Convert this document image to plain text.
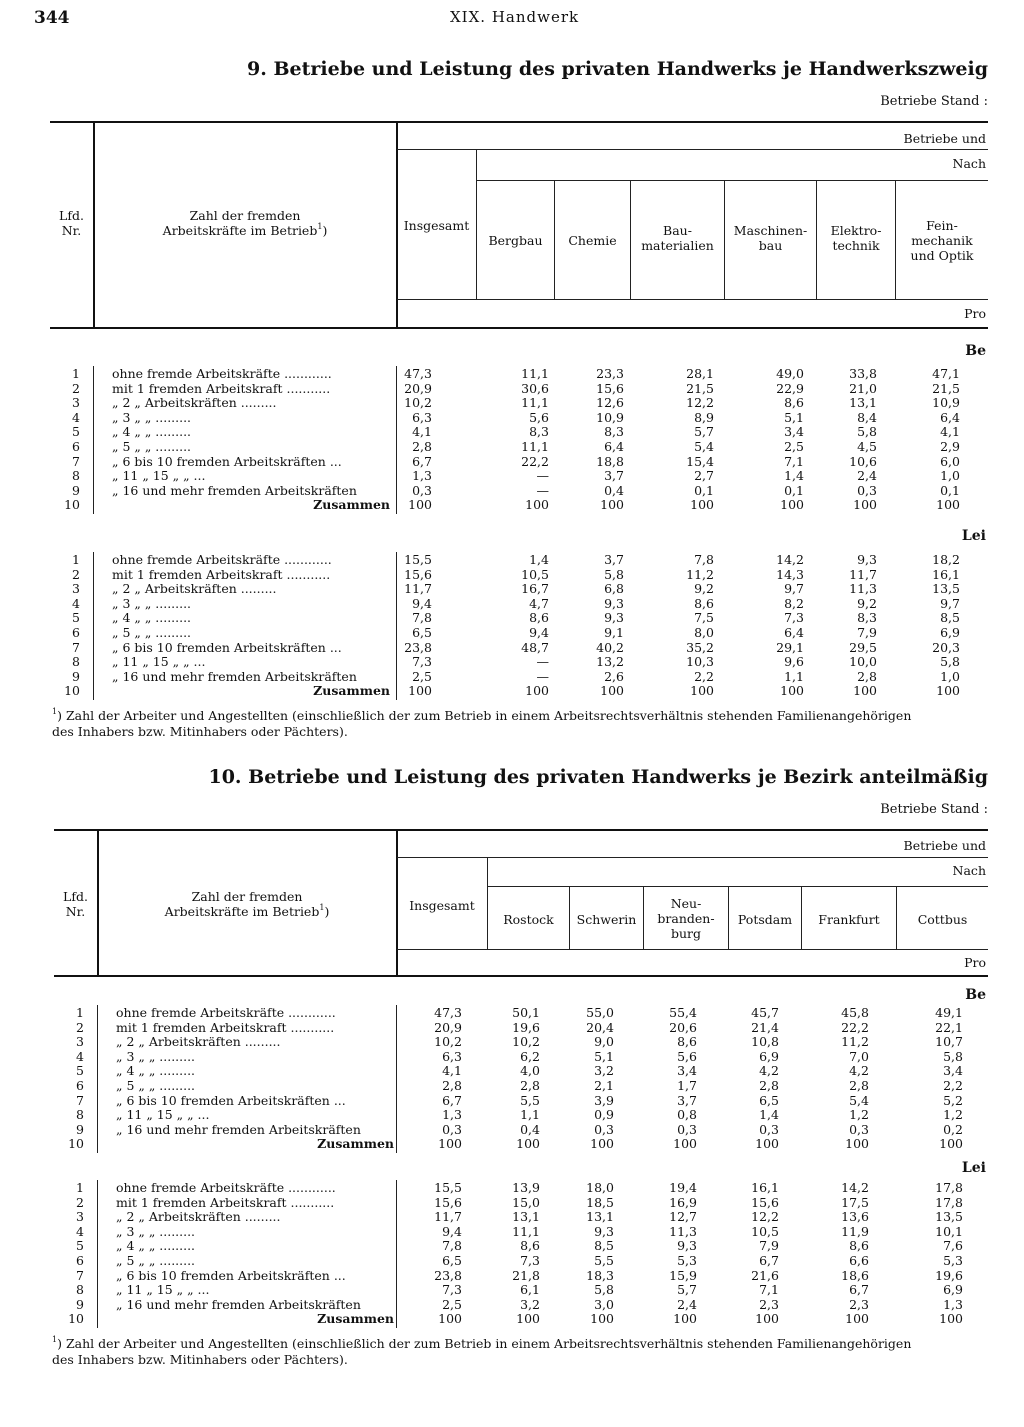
344	XIX. Handwerk
9. Betriebe und Leistung des privaten Handwerks je Handwerkszweig
Betriebe Stand :
Betriebe und
Nach
Pro
Lfd.
Nr.
Zahl der fremden
Arbeitskräfte im Betrieb$^1$)	Insgesamt
Bergbau	Chemie
Bau-
materialien
Maschinen-
bau
Elektro-
technik
Fein-
mechanik
und Optik
Be
1	ohne fremde Arbeitskräfte ............	47,3	11,1	23,3	28,1	49,0	33,8	47,1
2	mit 1 fremden Arbeitskraft ...........	20,9	30,6	15,6	21,5	22,9	21,0	21,5
3	„ 2 „ Arbeitskräften .........	10,2	11,1	12,6	12,2	8,6	13,1	10,9
4	„ 3 „ „ .........	6,3	5,6	10,9	8,9	5,1	8,4	6,4
5	„ 4 „ „ .........	4,1	8,3	8,3	5,7	3,4	5,8	4,1
6	„ 5 „ „ .........	2,8	11,1	6,4	5,4	2,5	4,5	2,9
7	„ 6 bis 10 fremden Arbeitskräften ...	6,7	22,2	18,8	15,4	7,1	10,6	6,0
8	„ 11 „ 15 „ „ ...	1,3	—	3,7	2,7	1,4	2,4	1,0
9	„ 16 und mehr fremden Arbeitskräften	0,3	—	0,4	0,1	0,1	0,3	0,1
10	Zusammen	100	100	100	100	100	100	100
Lei
1	ohne fremde Arbeitskräfte ............	15,5	1,4	3,7	7,8	14,2	9,3	18,2
2	mit 1 fremden Arbeitskraft ...........	15,6	10,5	5,8	11,2	14,3	11,7	16,1
3	„ 2 „ Arbeitskräften .........	11,7	16,7	6,8	9,2	9,7	11,3	13,5
4	„ 3 „ „ .........	9,4	4,7	9,3	8,6	8,2	9,2	9,7
5	„ 4 „ „ .........	7,8	8,6	9,3	7,5	7,3	8,3	8,5
6	„ 5 „ „ .........	6,5	9,4	9,1	8,0	6,4	7,9	6,9
7	„ 6 bis 10 fremden Arbeitskräften ...	23,8	48,7	40,2	35,2	29,1	29,5	20,3
8	„ 11 „ 15 „ „ ...	7,3	—	13,2	10,3	9,6	10,0	5,8
9	„ 16 und mehr fremden Arbeitskräften	2,5	—	2,6	2,2	1,1	2,8	1,0
10	Zusammen	100	100	100	100	100	100	100
$^1$) Zahl der Arbeiter und Angestellten (einschließlich der zum Betrieb in einem Arbeitsrechtsverhältnis stehenden Familienangehörigen
des Inhabers bzw. Mitinhabers oder Pächters).
10. Betriebe und Leistung des privaten Handwerks je Bezirk anteilmäßig
Betriebe Stand :
Betriebe und
Nach
Pro
Lfd.
Nr.
Zahl der fremden
Arbeitskräfte im Betrieb$^1$)	Insgesamt
Rostock	Schwerin
Neu-
branden-
burg
Potsdam	Frankfurt	Cottbus
Be
1	ohne fremde Arbeitskräfte ............	47,3	50,1	55,0	55,4	45,7	45,8	49,1
2	mit 1 fremden Arbeitskraft ...........	20,9	19,6	20,4	20,6	21,4	22,2	22,1
3	„ 2 „ Arbeitskräften .........	10,2	10,2	9,0	8,6	10,8	11,2	10,7
4	„ 3 „ „ .........	6,3	6,2	5,1	5,6	6,9	7,0	5,8
5	„ 4 „ „ .........	4,1	4,0	3,2	3,4	4,2	4,2	3,4
6	„ 5 „ „ .........	2,8	2,8	2,1	1,7	2,8	2,8	2,2
7	„ 6 bis 10 fremden Arbeitskräften ...	6,7	5,5	3,9	3,7	6,5	5,4	5,2
8	„ 11 „ 15 „ „ ...	1,3	1,1	0,9	0,8	1,4	1,2	1,2
9	„ 16 und mehr fremden Arbeitskräften	0,3	0,4	0,3	0,3	0,3	0,3	0,2
10	Zusammen	100	100	100	100	100	100	100
Lei
1	ohne fremde Arbeitskräfte ............	15,5	13,9	18,0	19,4	16,1	14,2	17,8
2	mit 1 fremden Arbeitskraft ...........	15,6	15,0	18,5	16,9	15,6	17,5	17,8
3	„ 2 „ Arbeitskräften .........	11,7	13,1	13,1	12,7	12,2	13,6	13,5
4	„ 3 „ „ .........	9,4	11,1	9,3	11,3	10,5	11,9	10,1
5	„ 4 „ „ .........	7,8	8,6	8,5	9,3	7,9	8,6	7,6
6	„ 5 „ „ .........	6,5	7,3	5,5	5,3	6,7	6,6	5,3
7	„ 6 bis 10 fremden Arbeitskräften ...	23,8	21,8	18,3	15,9	21,6	18,6	19,6
8	„ 11 „ 15 „ „ ...	7,3	6,1	5,8	5,7	7,1	6,7	6,9
9	„ 16 und mehr fremden Arbeitskräften	2,5	3,2	3,0	2,4	2,3	2,3	1,3
10	Zusammen	100	100	100	100	100	100	100
$^1$) Zahl der Arbeiter und Angestellten (einschließlich der zum Betrieb in einem Arbeitsrechtsverhältnis stehenden Familienangehörigen
des Inhabers bzw. Mitinhabers oder Pächters).
